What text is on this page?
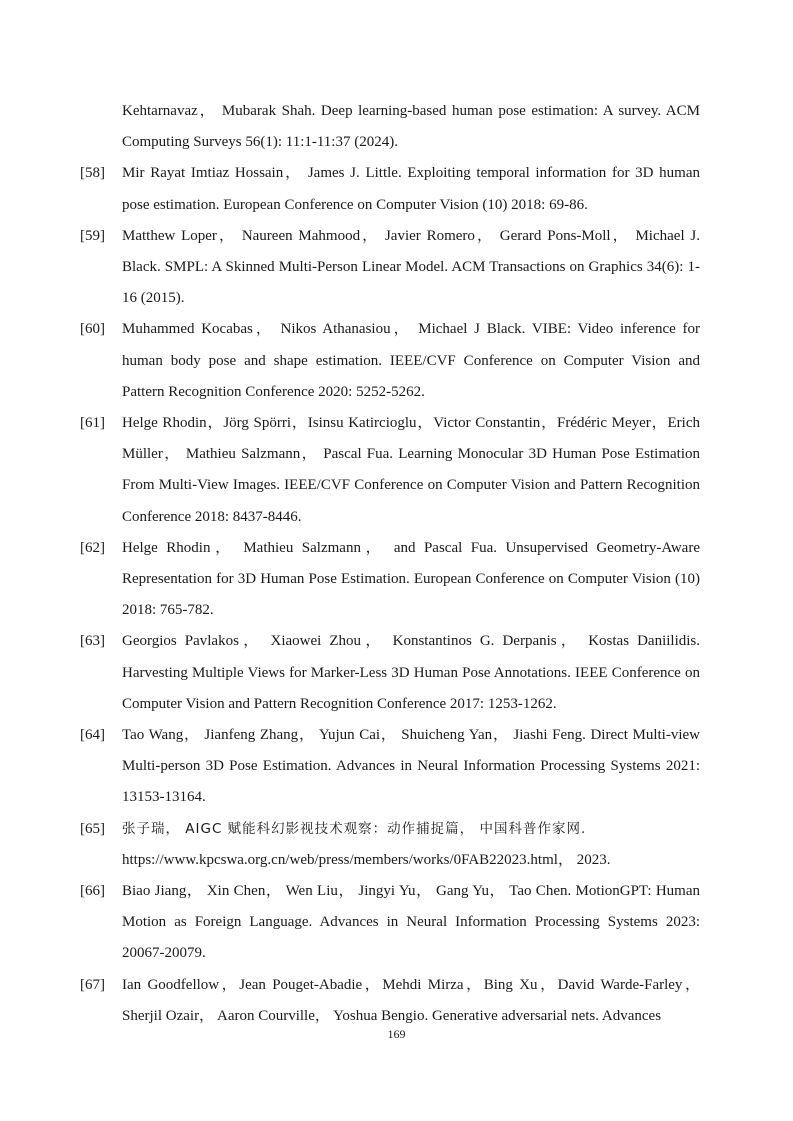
Kehtarnavaz， Mubarak Shah. Deep learning-based human pose estimation: A survey. ACM Computing Surveys 56(1): 11:1-11:37 (2024).
[58]	Mir Rayat Imtiaz Hossain， James J. Little. Exploiting temporal information for 3D human pose estimation. European Conference on Computer Vision (10) 2018: 69-86.
[59]	Matthew Loper， Naureen Mahmood， Javier Romero， Gerard Pons-Moll， Michael J. Black. SMPL: A Skinned Multi-Person Linear Model. ACM Transactions on Graphics 34(6): 1-16 (2015).
[60]	Muhammed Kocabas， Nikos Athanasiou， Michael J Black. VIBE: Video inference for human body pose and shape estimation. IEEE/CVF Conference on Computer Vision and Pattern Recognition Conference 2020: 5252-5262.
[61]	Helge Rhodin，Jörg Spörri，Isinsu Katircioglu，Victor Constantin，Frédéric Meyer，Erich Müller， Mathieu Salzmann， Pascal Fua. Learning Monocular 3D Human Pose Estimation From Multi-View Images. IEEE/CVF Conference on Computer Vision and Pattern Recognition Conference 2018: 8437-8446.
[62]	Helge Rhodin， Mathieu Salzmann， and Pascal Fua. Unsupervised Geometry-Aware Representation for 3D Human Pose Estimation. European Conference on Computer Vision (10) 2018: 765-782.
[63]	Georgios Pavlakos， Xiaowei Zhou， Konstantinos G. Derpanis， Kostas Daniilidis. Harvesting Multiple Views for Marker-Less 3D Human Pose Annotations. IEEE Conference on Computer Vision and Pattern Recognition Conference 2017: 1253-1262.
[64]	Tao Wang， Jianfeng Zhang， Yujun Cai， Shuicheng Yan， Jiashi Feng. Direct Multi-view Multi-person 3D Pose Estimation. Advances in Neural Information Processing Systems 2021: 13153-13164.
[65]	张子瑞， AIGC 赋能科幻影视技术观察：动作捕捉篇， 中国科普作家网.
https://www.kpcswa.org.cn/web/press/members/works/0FAB22023.html， 2023.
[66]	Biao Jiang， Xin Chen， Wen Liu， Jingyi Yu， Gang Yu， Tao Chen. MotionGPT: Human Motion as Foreign Language. Advances in Neural Information Processing Systems 2023: 20067-20079.
[67]	Ian Goodfellow，Jean Pouget-Abadie，Mehdi Mirza，Bing Xu，David Warde-Farley，Sherjil Ozair， Aaron Courville， Yoshua Bengio. Generative adversarial nets. Advances
169
